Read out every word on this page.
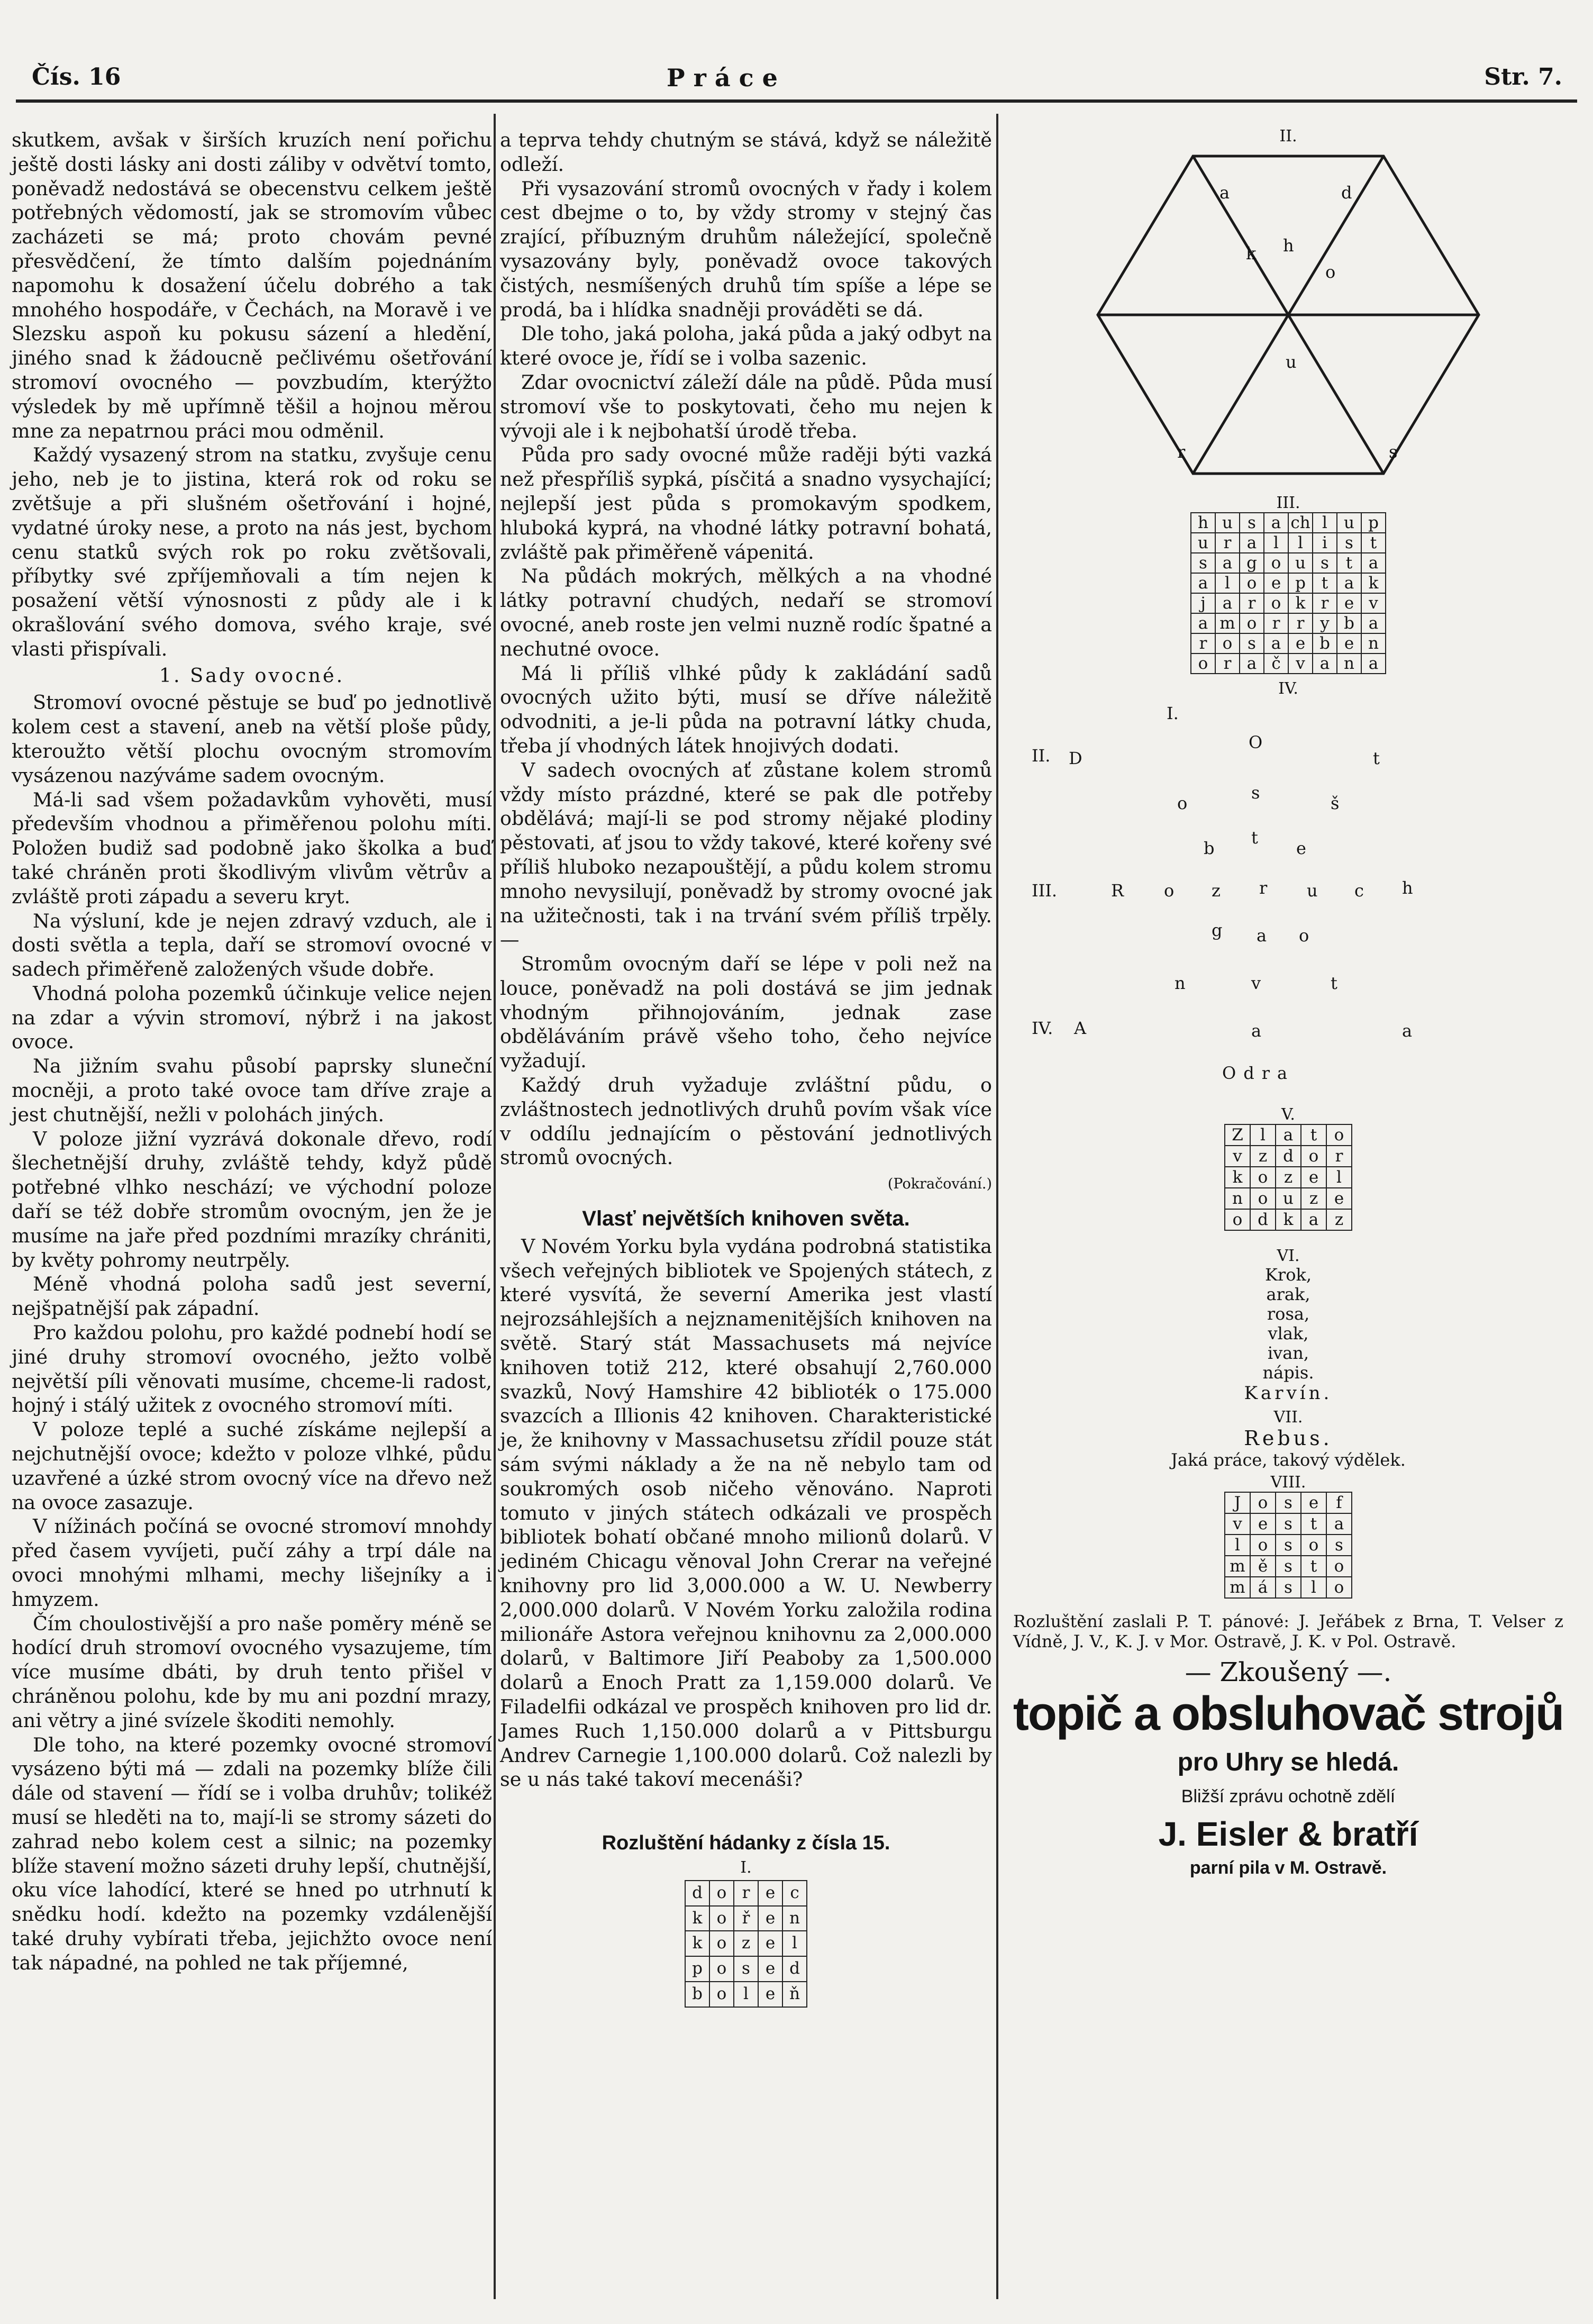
Čís. 16	Práce	Str. 7.

skutkem, avšak v širších kruzích není pořichu ještě dosti lásky ani dosti záliby v odvětví tomto, poněvadž nedostává se obecenstvu celkem ještě potřebných vědomostí, jak se stromovím vůbec zacházeti se má; proto chovám pevné přesvědčení, že tímto dalším pojednáním napomohu k dosažení účelu dobrého a tak mnohého hospodáře, v Čechách, na Moravě i ve Slezsku aspoň ku pokusu sázení a hledění, jiného snad k žádoucně pečlivému ošetřování stromoví ovocného — povzbudím, kterýžto výsledek by mě upřímně těšil a hojnou měrou mne za nepatrnou práci mou odměnil.

Každý vysazený strom na statku, zvyšuje cenu jeho, neb je to jistina, která rok od roku se zvětšuje a při slušném ošetřování i hojné, vydatné úroky nese, a proto na nás jest, bychom cenu statků svých rok po roku zvětšovali, příbytky své zpříjemňovali a tím nejen k posažení větší výnosnosti z půdy ale i k okrašlování svého domova, svého kraje, své vlasti přispívali.

1. Sady ovocné.

Stromoví ovocné pěstuje se buď po jednotlivě kolem cest a stavení, aneb na větší ploše půdy, kteroužto větší plochu ovocným stromovím vysázenou nazýváme sadem ovocným.

Má-li sad všem požadavkům vyhověti, musí především vhodnou a přiměřenou polohu míti. Položen budiž sad podobně jako školka a buď také chráněn proti škodlivým vlivům větrův a zvláště proti západu a severu kryt.

Na výsluní, kde je nejen zdravý vzduch, ale i dosti světla a tepla, daří se stromoví ovocné v sadech přiměřeně založených všude dobře.

Vhodná poloha pozemků účinkuje velice nejen na zdar a vývin stromoví, nýbrž i na jakost ovoce.

Na jižním svahu působí paprsky sluneční mocněji, a proto také ovoce tam dříve zraje a jest chutnější, nežli v polohách jiných.

V poloze jižní vyzrává dokonale dřevo, rodí šlechetnější druhy, zvláště tehdy, když půdě potřebné vlhko neschází; ve východní poloze daří se též dobře stromům ovocným, jen že je musíme na jaře před pozdními mrazíky chrániti, by květy pohromy neutrpěly.

Méně vhodná poloha sadů jest severní, nejšpatnější pak západní.

Pro každou polohu, pro každé podnebí hodí se jiné druhy stromoví ovocného, ježto volbě největší píli věnovati musíme, chceme-li radost, hojný i stálý užitek z ovocného stromoví míti.

V poloze teplé a suché získáme nejlepší a nejchutnější ovoce; kdežto v poloze vlhké, půdu uzavřené a úzké strom ovocný více na dřevo než na ovoce zasazuje.

V nížinách počíná se ovocné stromoví mnohdy před časem vyvíjeti, pučí záhy a trpí dále na ovoci mnohými mlhami, mechy lišejníky a i hmyzem.

Čím choulostivější a pro naše poměry méně se hodící druh stromoví ovocného vysazujeme, tím více musíme dbáti, by druh tento přišel v chráněnou polohu, kde by mu ani pozdní mrazy, ani větry a jiné svízele škoditi nemohly.

Dle toho, na které pozemky ovocné stromoví vysázeno býti má — zdali na pozemky blíže čili dále od stavení — řídí se i volba druhův; tolikéž musí se hleděti na to, mají-li se stromy sázeti do zahrad nebo kolem cest a silnic; na pozemky blíže stavení možno sázeti druhy lepší, chutnější, oku více lahodící, které se hned po utrhnutí k snědku hodí. kdežto na pozemky vzdálenější také druhy vybírati třeba, jejichžto ovoce není tak nápadné, na pohled ne tak příjemné,

a teprva tehdy chutným se stává, když se náležitě odleží.

Při vysazování stromů ovocných v řady i kolem cest dbejme o to, by vždy stromy v stejný čas zrající, příbuzným druhům náležející, společně vysazovány byly, poněvadž ovoce takových čistých, nesmíšených druhů tím spíše a lépe se prodá, ba i hlídka snadněji prováděti se dá.

Dle toho, jaká poloha, jaká půda a jaký odbyt na které ovoce je, řídí se i volba sazenic.

Zdar ovocnictví záleží dále na půdě. Půda musí stromoví vše to poskytovati, čeho mu nejen k vývoji ale i k nejbohatší úrodě třeba.

Půda pro sady ovocné může raději býti vazká než přespříliš sypká, písčitá a snadno vysychající; nejlepší jest půda s promokavým spodkem, hluboká kyprá, na vhodné látky potravní bohatá, zvláště pak přiměřeně vápenitá.

Na půdách mokrých, mělkých a na vhodné látky potravní chudých, nedaří se stromoví ovocné, aneb roste jen velmi nuzně rodíc špatné a nechutné ovoce.

Má li příliš vlhké půdy k zakládání sadů ovocných užito býti, musí se dříve náležitě odvodniti, a je-li půda na potravní látky chuda, třeba jí vhodných látek hnojivých dodati.

V sadech ovocných ať zůstane kolem stromů vždy místo prázdné, které se pak dle potřeby obdělává; mají-li se pod stromy nějaké plodiny pěstovati, ať jsou to vždy takové, které kořeny své příliš hluboko nezapouštějí, a půdu kolem stromu mnoho nevysilují, poněvadž by stromy ovocné jak na užitečnosti, tak i na trvání svém příliš trpěly. —

Stromům ovocným daří se lépe v poli než na louce, poněvadž na poli dostává se jim jednak vhodným přihnojováním, jednak zase obděláváním právě všeho toho, čeho nejvíce vyžadují.

Každý druh vyžaduje zvláštní půdu, o zvláštnostech jednotlivých druhů povím však více v oddílu jednajícím o pěstování jednotlivých stromů ovocných.

(Pokračování.)

Vlasť největších knihoven světa.

V Novém Yorku byla vydána podrobná statistika všech veřejných bibliotek ve Spojených státech, z které vysvítá, že severní Amerika jest vlastí nejrozsáhlejších a nejznamenitějších knihoven na světě. Starý stát Massachusets má nejvíce knihoven totiž 212, které obsahují 2,760.000 svazků, Nový Hamshire 42 biblioték o 175.000 svazcích a Illionis 42 knihoven. Charakteristické je, že knihovny v Massachusetsu zřídil pouze stát sám svými náklady a že na ně nebylo tam od soukromých osob ničeho věnováno. Naproti tomuto v jiných státech odkázali ve prospěch bibliotek bohatí občané mnoho milionů dolarů. V jediném Chicagu věnoval John Crerar na veřejné knihovny pro lid 3,000.000 a W. U. Newberry 2,000.000 dolarů. V Novém Yorku založila rodina milionáře Astora veřejnou knihovnu za 2,000.000 dolarů, v Baltimore Jiří Peaboby za 1,500.000 dolarů a Enoch Pratt za 1,159.000 dolarů. Ve Filadelfii odkázal ve prospěch knihoven pro lid dr. James Ruch 1,150.000 dolarů a v Pittsburgu Andrev Carnegie 1,100.000 dolarů. Což nalezli by se u nás také takoví mecenáši?

Rozluštění hádanky z čísla 15.
I.
d	o	r	e	c
k	o	ř	e	n
k	o	z	e	l
p	o	s	e	d
b	o	l	e	ň
II.
a	d
h
k
o
u
r	s
III.
h	u	s	a	ch	l	u	p
u	r	a	l	l	i	s	t
s	a	g	o	u	s	t	a
a	l	o	e	p	t	a	k
j	a	r	o	k	r	e	v
a	m	o	r	r	y	b	a
r	o	s	a	e	b	e	n
o	r	a	č	v	a	n	a
IV.
I.
II. D
O
t
o
s
š
b
t
e
III.	R o z r u c h
g a o
n	v	t
IV. A	a	a
Odra
V.
Z	l	a	t	o
v	z	d	o	r
k	o	z	e	l
n	o	u	z	e
o	d	k	a	z
VI.
Krok,
arak,
rosa,
vlak,
ivan,
nápis.
Karvín.
VII.
Rebus.
Jaká práce, takový výdělek.
VIII.
J	o	s	e	f
v	e	s	t	a
l	o	s	o	s
m	ě	s	t	o
m	á	s	l	o
Rozluštění zaslali P. T. pánové: J. Jeřábek z Brna, T. Velser z Vídně, J. V., K. J. v Mor. Ostravě, J. K. v Pol. Ostravě.
— Zkoušený —.
topič a obsluhovač strojů
pro Uhry se hledá.
Bližší zprávu ochotně zdělí
J. Eisler & bratří
parní pila v M. Ostravě.
